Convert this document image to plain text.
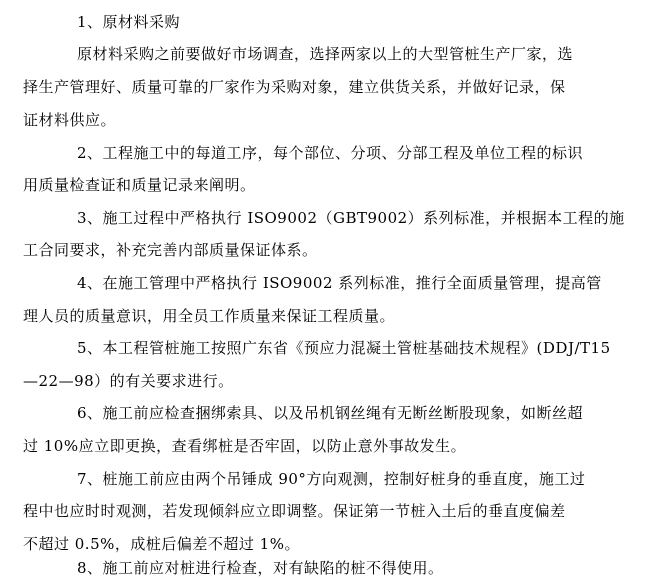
1、原材料采购
原材料采购之前要做好市场调查，选择两家以上的大型管桩生产厂家，选
择生产管理好、质量可靠的厂家作为采购对象，建立供货关系，并做好记录，保
证材料供应。
2、工程施工中的每道工序，每个部位、分项、分部工程及单位工程的标识
用质量检查证和质量记录来阐明。
3、施工过程中严格执行 ISO9002（GBT9002）系列标准，并根据本工程的施
工合同要求，补充完善内部质量保证体系。
4、在施工管理中严格执行 ISO9002 系列标准，推行全面质量管理，提高管
理人员的质量意识，用全员工作质量来保证工程质量。
5、本工程管桩施工按照广东省《预应力混凝土管桩基础技术规程》(DDJ/T15
—22—98）的有关要求进行。
6、施工前应检查捆绑索具、以及吊机钢丝绳有无断丝断股现象，如断丝超
过 10%应立即更换，查看绑桩是否牢固，以防止意外事故发生。
7、桩施工前应由两个吊锤成 90°方向观测，控制好桩身的垂直度，施工过
程中也应时时观测，若发现倾斜应立即调整。保证第一节桩入土后的垂直度偏差
不超过 0.5%，成桩后偏差不超过 1%。
8、施工前应对桩进行检查，对有缺陷的桩不得使用。
